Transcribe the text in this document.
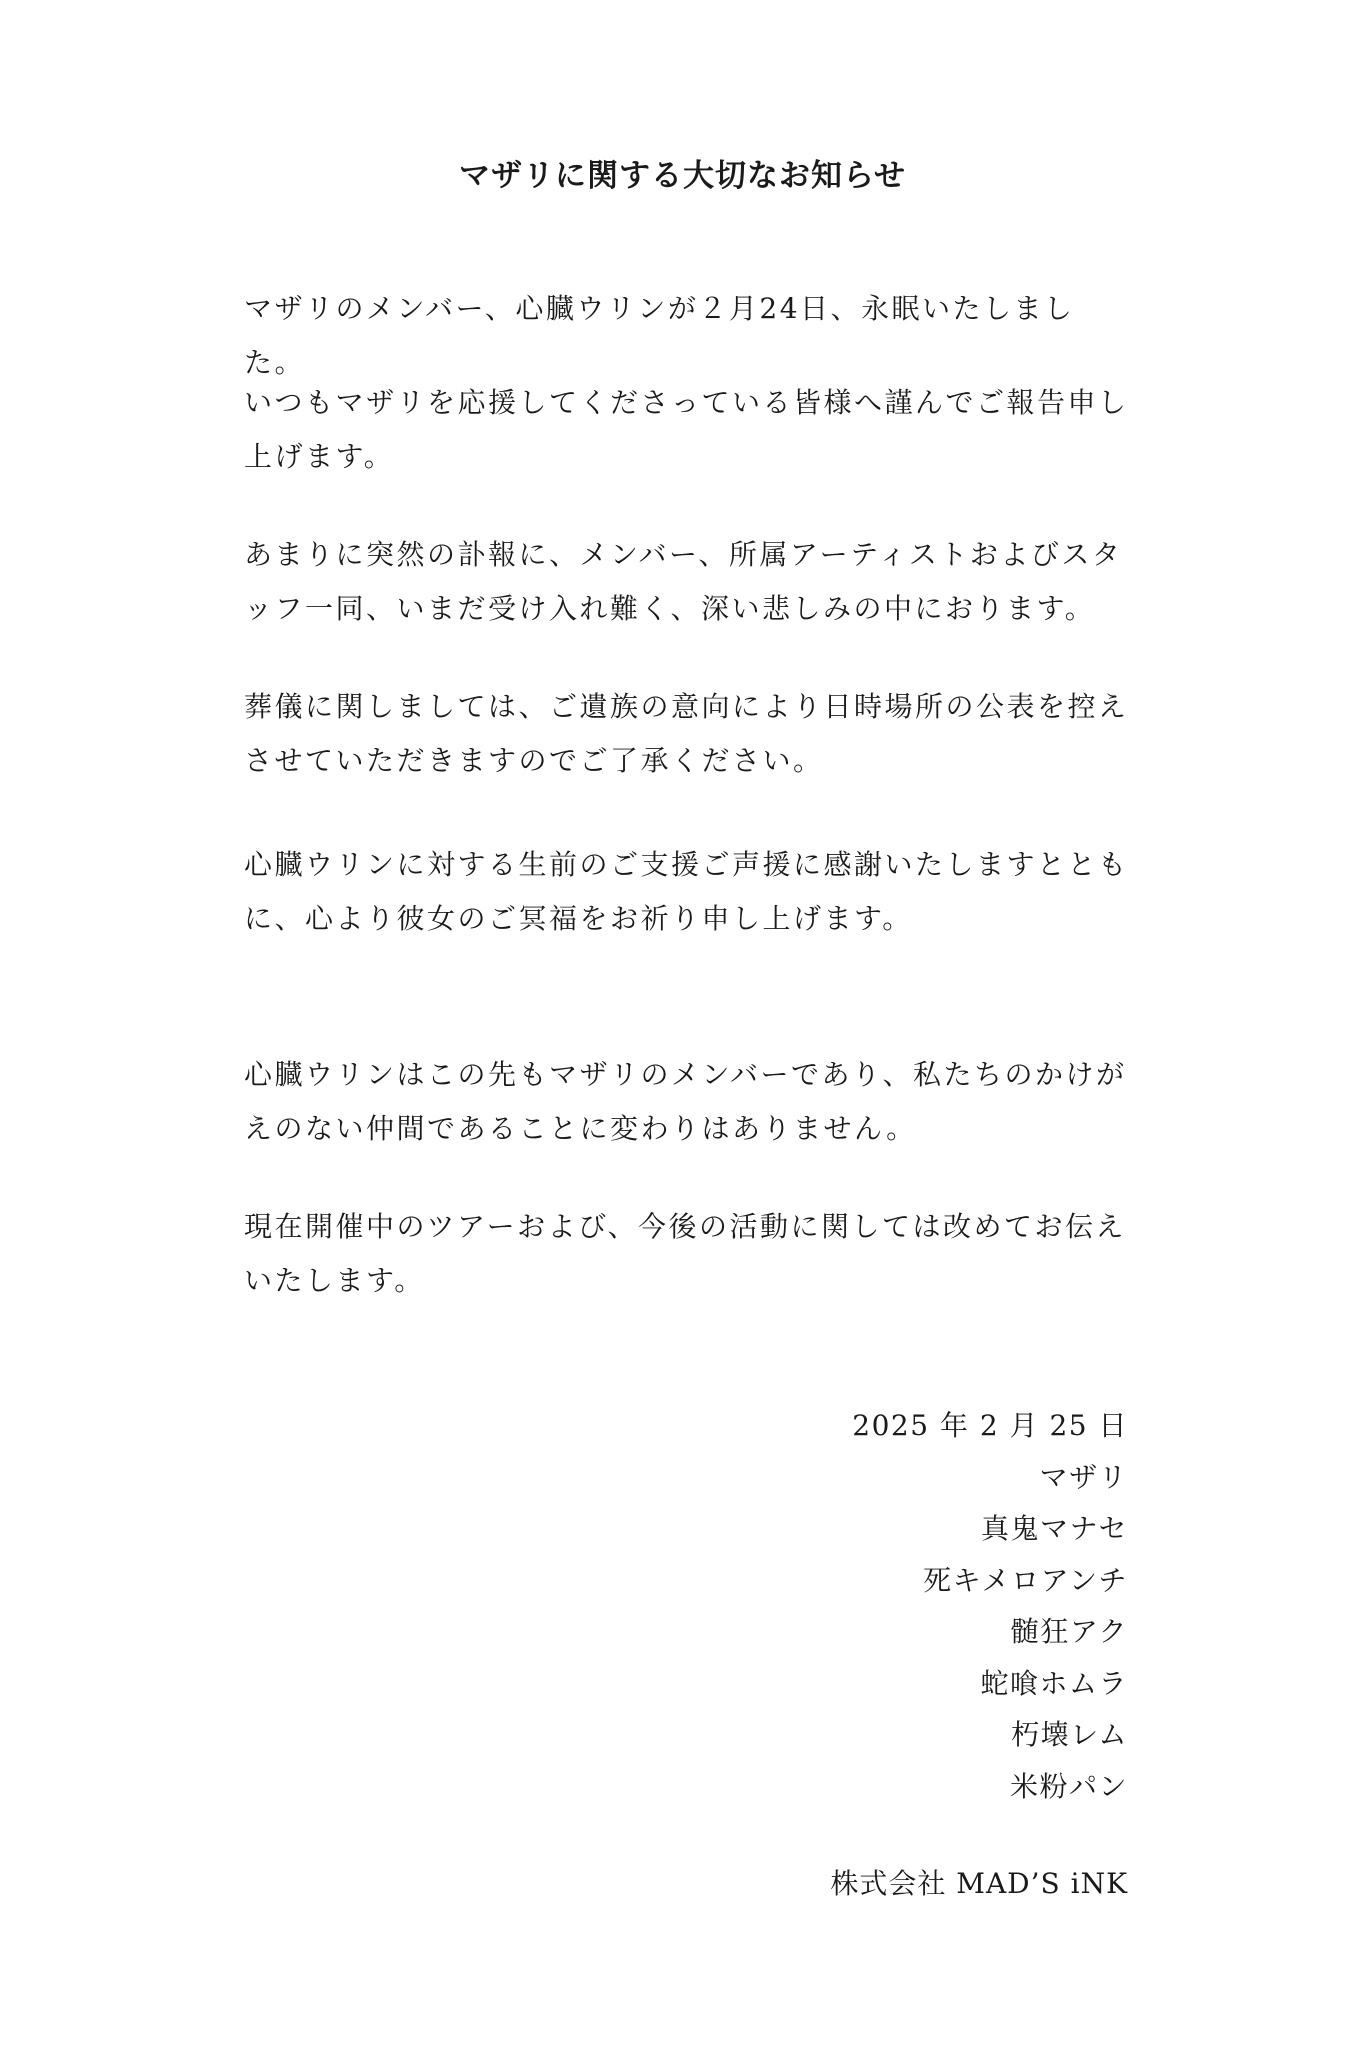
マザリに関する大切なお知らせ

マザリのメンバー、心臓ウリンが２月24日、永眠いたしました。

いつもマザリを応援してくださっている皆様へ謹んでご報告申し
上げます。

あまりに突然の訃報に、メンバー、所属アーティストおよびスタ
ッフ一同、いまだ受け入れ難く、深い悲しみの中におります。

葬儀に関しましては、ご遺族の意向により日時場所の公表を控え
させていただきますのでご了承ください。

心臓ウリンに対する生前のご支援ご声援に感謝いたしますととも
に、心より彼女のご冥福をお祈り申し上げます。

心臓ウリンはこの先もマザリのメンバーであり、私たちのかけが
えのない仲間であることに変わりはありません。

現在開催中のツアーおよび、今後の活動に関しては改めてお伝え
いたします。

2025 年 2 月 25 日
マザリ
真鬼マナセ
死キメロアンチ
髄狂アク
蛇喰ホムラ
朽壊レム
米粉パン
株式会社 MAD’S iNK
